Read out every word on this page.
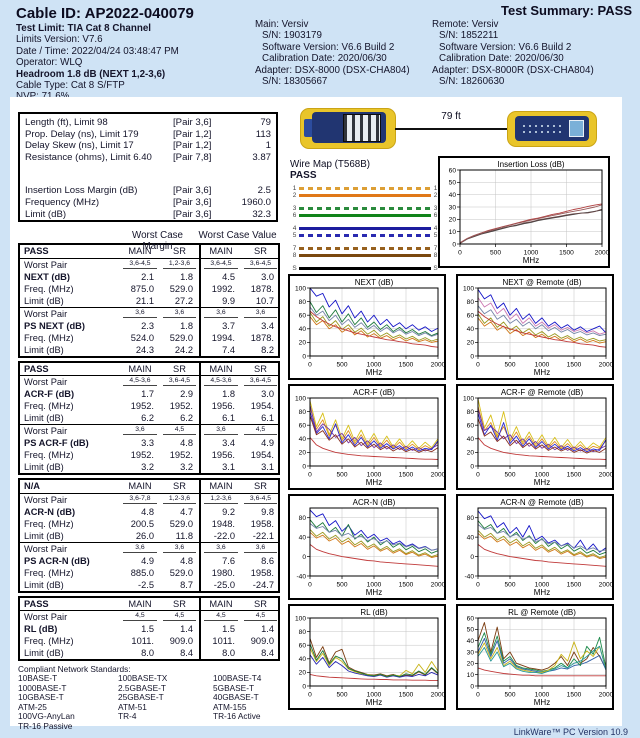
Cable ID: AP2022-040079
Test Limit: TIA Cat 8 Channel
Limits Version: V7.6
Date / Time: 2022/04/24 03:48:47 PM
Operator: WLQ
Headroom 1.8 dB (NEXT 1,2-3,6)
Cable Type: Cat 8 S/FTP
Main: Versiv
S/N: 1903179
Software Version: V6.6 Build 2
Calibration Date: 2020/06/30
Adapter: DSX-8000 (DSX-CHA804)
S/N: 18305667
Test Summary: PASS
Remote: Versiv
S/N: 1852211
Software Version: V6.6 Build 2
Calibration Date: 2020/06/30
Adapter: DSX-8000R (DSX-CHA804)
S/N: 18260630
Length (ft), Limit 98	[Pair 3,6]	79
Prop. Delay (ns), Limit 179	[Pair 1,2]	113
Delay Skew (ns), Limit 17	[Pair 1,2]	1
Resistance (ohms), Limit 6.40	[Pair 7,8]	3.87
Insertion Loss Margin (dB)	[Pair 3,6]	2.5
Frequency (MHz)	[Pair 3,6]	1960.0
Limit (dB)	[Pair 3,6]	32.3
Worst Case Margin
Worst Case Value
PASS	MAIN	SR	MAIN	SR
Worst Pair	3,6-4,5	1,2-3,6	3,6-4,5	3,6-4,5
NEXT (dB)	2.1	1.8	4.5	3.0
Freq. (MHz)	875.0	529.0	1992.	1878.
Limit (dB)	21.1	27.2	9.9	10.7
Worst Pair	3,6	3,6	3,6	3,6
PS NEXT (dB)	2.3	1.8	3.7	3.4
Freq. (MHz)	524.0	529.0	1994.	1878.
Limit (dB)	24.3	24.2	7.4	8.2
PASS	MAIN	SR	MAIN	SR
Worst Pair	4,5-3,6	3,6-4,5	4,5-3,6	3,6-4,5
ACR-F (dB)	1.7	2.9	1.8	3.0
Freq. (MHz)	1952.	1952.	1956.	1954.
Limit (dB)	6.2	6.2	6.1	6.1
Worst Pair	3,6	4,5	3,6	4,5
PS ACR-F (dB)	3.3	4.8	3.4	4.9
Freq. (MHz)	1952.	1952.	1956.	1954.
Limit (dB)	3.2	3.2	3.1	3.1
N/A	MAIN	SR	MAIN	SR
Worst Pair	3,6-7,8	1,2-3,6	1,2-3,6	3,6-4,5
ACR-N (dB)	4.8	4.7	9.2	9.8
Freq. (MHz)	200.5	529.0	1948.	1958.
Limit (dB)	26.0	11.8	-22.0	-22.1
Worst Pair	3,6	3,6	3,6	3,6
PS ACR-N (dB)	4.9	4.8	7.6	8.6
Freq. (MHz)	885.0	529.0	1980.	1958.
Limit (dB)	-2.5	8.7	-25.0	-24.7
PASS	MAIN	SR	MAIN	SR
Worst Pair	4,5	4,5	4,5	4,5
RL (dB)	1.5	1.4	1.5	1.4
Freq. (MHz)	1011.	909.0	1011.	909.0
Limit (dB)	8.0	8.4	8.0	8.4
Compliant Network Standards:
10BASE-T
1000BASE-T
10GBASE-T
ATM-25
100VG-AnyLan
TR-16 Passive
100BASE-TX
2.5GBASE-T
25GBASE-T
ATM-51
TR-4
100BASE-T4
5GBASE-T
40GBASE-T
ATM-155
TR-16 Active
79 ft
Wire Map (T568B)
PASS
1	1
2	2
3	3
6	6
4	4
5	5
7	7
8	8
S	S
0
10
20
30
40
50
60
0	500	1000	1500	2000
Insertion Loss (dB)
MHz
0
20
40
60
80
100
0	500	1000	1500	2000
NEXT (dB)
MHz
0
20
40
60
80
100
0	500	1000	1500	2000
NEXT @ Remote (dB)
MHz
0
20
40
60
80
100
0	500	1000	1500	2000
ACR-F (dB)
MHz
0
20
40
60
80
100
0	500	1000	1500	2000
ACR-F @ Remote (dB)
MHz
-40
0
40
80
0	500	1000	1500	2000
ACR-N (dB)
MHz
-40
0
40
80
0	500	1000	1500	2000
ACR-N @ Remote (dB)
MHz
0
20
40
60
80
100
0	500	1000	1500	2000
RL (dB)
MHz
0
10
20
30
40
50
60
0	500	1000	1500	2000
RL @ Remote (dB)
MHz
LinkWare™ PC Version 10.9
